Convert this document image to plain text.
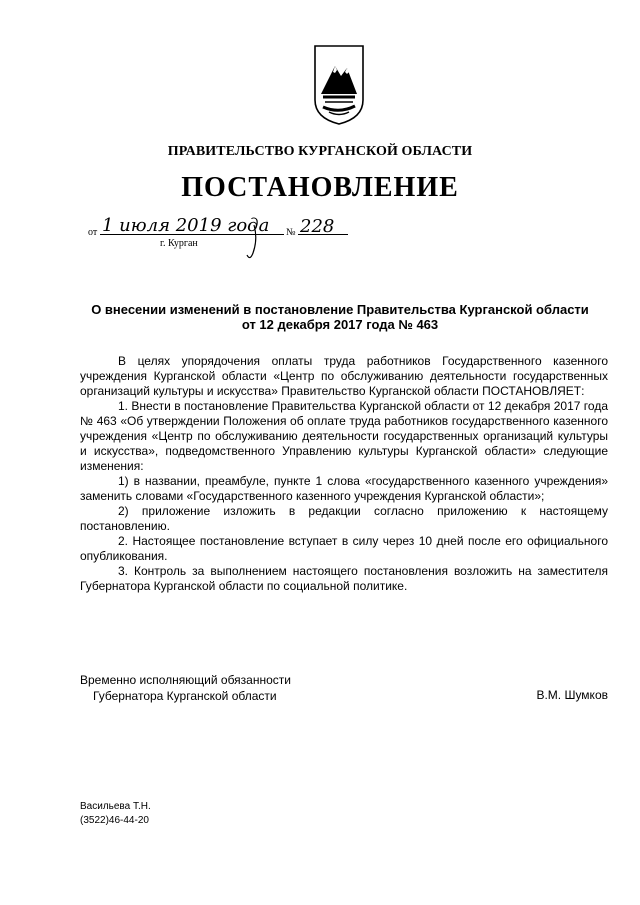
ПРАВИТЕЛЬСТВО КУРГАНСКОЙ ОБЛАСТИ
ПОСТАНОВЛЕНИЕ
от 1 июля 2019 года № 228
г. Курган
О внесении изменений в постановление Правительства Курганской области
от 12 декабря 2017 года № 463

В целях упорядочения оплаты труда работников Государственного казенного учреждения Курганской области «Центр по обслуживанию деятельности государственных организаций культуры и искусства» Правительство Курганской области ПОСТАНОВЛЯЕТ:

1. Внести в постановление Правительства Курганской области от 12 декабря 2017 года № 463 «Об утверждении Положения об оплате труда работников государственного казенного учреждения «Центр по обслуживанию деятельности государственных организаций культуры и искусства», подведомственного Управлению культуры Курганской области» следующие изменения:

1) в названии, преамбуле, пункте 1 слова «государственного казенного учреждения» заменить словами «Государственного казенного учреждения Курганской области»;

2) приложение изложить в редакции согласно приложению к настоящему постановлению.

2. Настоящее постановление вступает в силу через 10 дней после его официального опубликования.

3. Контроль за выполнением настоящего постановления возложить на заместителя Губернатора Курганской области по социальной политике.

Временно исполняющий обязанности
Губернатора Курганской области	В.М. Шумков
Васильева Т.Н.
(3522)46-44-20
